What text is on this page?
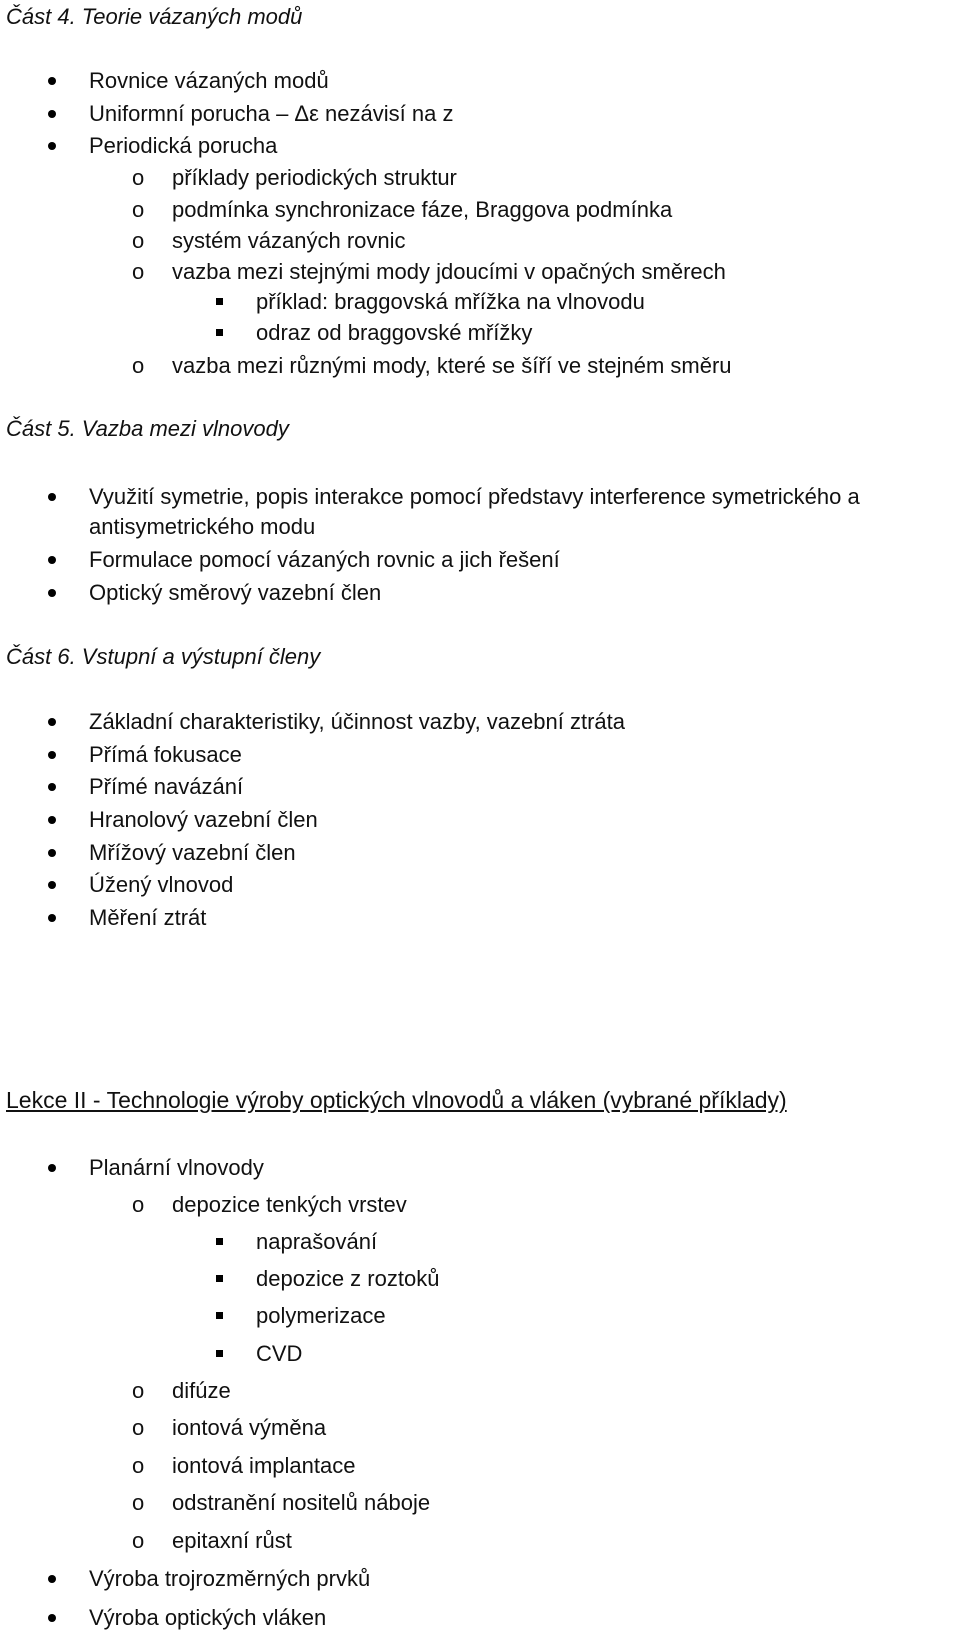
Část 4. Teorie vázaných modů
Rovnice vázaných modů
Uniformní porucha – Δε nezávisí na z
Periodická porucha
o příklady periodických struktur
o podmínka synchronizace fáze, Braggova podmínka
o systém vázaných rovnic
o vazba mezi stejnými mody jdoucími v opačných směrech
příklad: braggovská mřížka na vlnovodu
odraz od braggovské mřížky
o vazba mezi různými mody, které se šíří ve stejném směru
Část 5. Vazba mezi vlnovody
Využití symetrie, popis interakce pomocí představy interference symetrického a
antisymetrického modu
Formulace pomocí vázaných rovnic a jich řešení
Optický směrový vazební člen
Část 6. Vstupní a výstupní členy
Základní charakteristiky, účinnost vazby, vazební ztráta
Přímá fokusace
Přímé navázání
Hranolový vazební člen
Mřížový vazební člen
Úžený vlnovod
Měření ztrát
Lekce II - Technologie výroby optických vlnovodů a vláken (vybrané příklady)
Planární vlnovody
o depozice tenkých vrstev
naprašování
depozice z roztoků
polymerizace
CVD
o difúze
o iontová výměna
o iontová implantace
o odstranění nositelů náboje
o epitaxní růst
Výroba trojrozměrných prvků
Výroba optických vláken
